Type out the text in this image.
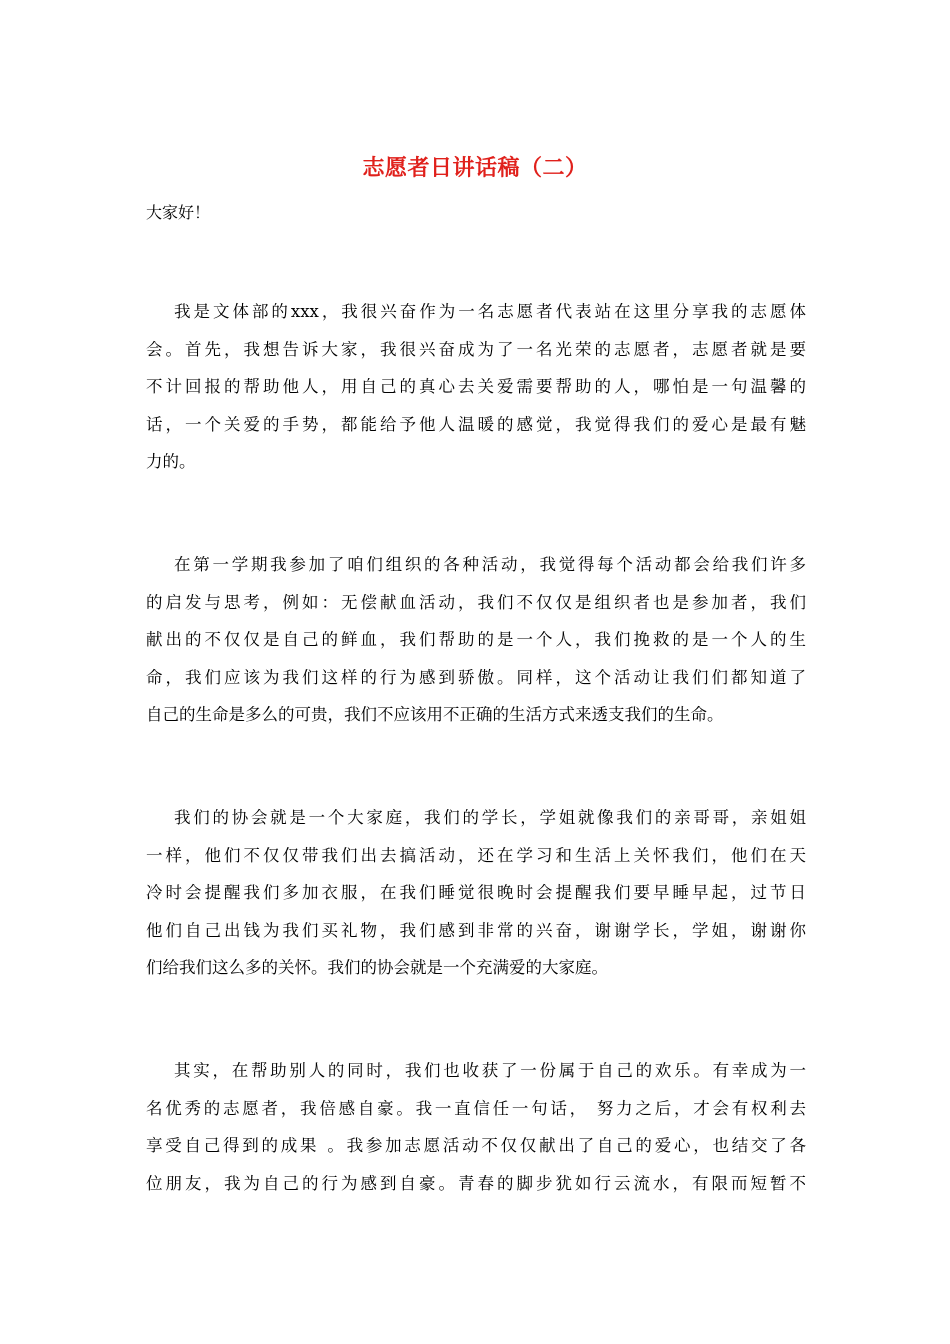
志愿者日讲话稿（二）
大家好！
我是文体部的xxx，我很兴奋作为一名志愿者代表站在这里分享我的志愿体
会。首先，我想告诉大家，我很兴奋成为了一名光荣的志愿者，志愿者就是要
不计回报的帮助他人，用自己的真心去关爱需要帮助的人，哪怕是一句温馨的
话，一个关爱的手势，都能给予他人温暖的感觉，我觉得我们的爱心是最有魅
力的。
在第一学期我参加了咱们组织的各种活动，我觉得每个活动都会给我们许多
的启发与思考，例如：无偿献血活动，我们不仅仅是组织者也是参加者，我们
献出的不仅仅是自己的鲜血，我们帮助的是一个人，我们挽救的是一个人的生
命，我们应该为我们这样的行为感到骄傲。同样，这个活动让我们们都知道了
自己的生命是多么的可贵，我们不应该用不正确的生活方式来透支我们的生命。
我们的协会就是一个大家庭，我们的学长，学姐就像我们的亲哥哥，亲姐姐
一样，他们不仅仅带我们出去搞活动，还在学习和生活上关怀我们，他们在天
冷时会提醒我们多加衣服，在我们睡觉很晚时会提醒我们要早睡早起，过节日
他们自己出钱为我们买礼物，我们感到非常的兴奋，谢谢学长，学姐，谢谢你
们给我们这么多的关怀。我们的协会就是一个充满爱的大家庭。
其实，在帮助别人的同时，我们也收获了一份属于自己的欢乐。有幸成为一
名优秀的志愿者，我倍感自豪。我一直信任一句话， 努力之后，才会有权利去
享受自己得到的成果 。我参加志愿活动不仅仅献出了自己的爱心，也结交了各
位朋友，我为自己的行为感到自豪。青春的脚步犹如行云流水，有限而短暂不
